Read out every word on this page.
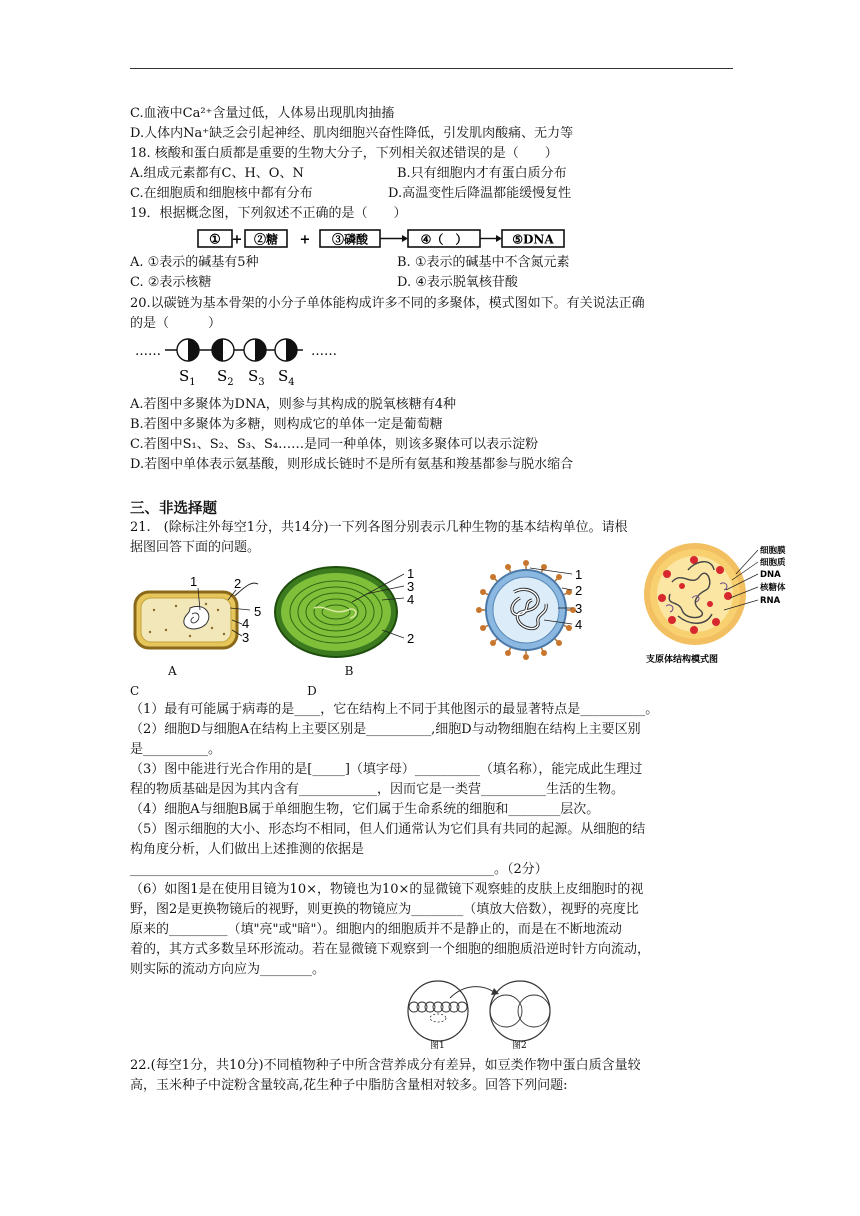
C.血液中Ca²⁺含量过低，人体易出现肌肉抽搐
D.人体内Na⁺缺乏会引起神经、肌肉细胞兴奋性降低，引发肌肉酸痛、无力等
18. 核酸和蛋白质都是重要的生物大分子，下列相关叙述错误的是（　　）
A.组成元素都有C、H、O、N	B.只有细胞内才有蛋白质分布
C.在细胞质和细胞核中都有分布	D.高温变性后降温都能缓慢复性
19．根据概念图，下列叙述不正确的是（　　）
① + ②糖 + ③磷酸	④（　）	⑤DNA
A. ①表示的碱基有5种	B. ①表示的碱基中不含氮元素
C. ②表示核糖	D. ④表示脱氧核苷酸
20.以碳链为基本骨架的小分子单体能构成许多不同的多聚体，模式图如下。有关说法正确
的是（　　　）
……	……
$S_1$ $S_2$ $S_3$ $S_4$
A.若图中多聚体为DNA，则参与其构成的脱氧核糖有4种
B.若图中多聚体为多糖，则构成它的单体一定是葡萄糖
C.若图中S₁、S₂、S₃、S₄……是同一种单体，则该多聚体可以表示淀粉
D.若图中单体表示氨基酸，则形成长链时不是所有氨基和羧基都参与脱水缩合
三、非选择题
21.　(除标注外每空1分，共14分)一下列各图分别表示几种生物的基本结构单位。请根
据图回答下面的问题。
1	2
5
4
3
1
3
4
2
1
2
3
4
细胞膜
细胞质
DNA
核糖体
RNA
支原体结构模式图
A　　　　　　　　　　　　　　B
C　　　　　　　　　　　　　　D
（1）最有可能属于病毒的是____，它在结构上不同于其他图示的最显著特点是__________。
（2）细胞D与细胞A在结构上主要区别是__________,细胞D与动物细胞在结构上主要区别
是__________。
（3）图中能进行光合作用的是[_____]（填字母）__________（填名称），能完成此生理过
程的物质基础是因为其内含有____________，因而它是一类营__________生活的生物。
（4）细胞A与细胞B属于单细胞生物，它们属于生命系统的细胞和________层次。
（5）图示细胞的大小、形态均不相同，但人们通常认为它们具有共同的起源。从细胞的结
构角度分析，人们做出上述推测的依据是
________________________________________________________。（2分）
（6）如图1是在使用目镜为10×，物镜也为10×的显微镜下观察蛙的皮肤上皮细胞时的视
野，图2是更换物镜后的视野，则更换的物镜应为________（填放大倍数），视野的亮度比
原来的_________（填"亮"或"暗"）。细胞内的细胞质并不是静止的，而是在不断地流动
着的，其方式多数呈环形流动。若在显微镜下观察到一个细胞的细胞质沿逆时针方向流动，
则实际的流动方向应为________。
图1	图2
22.(每空1分，共10分)不同植物种子中所含营养成分有差异，如豆类作物中蛋白质含量较
高，玉米种子中淀粉含量较高,花生种子中脂肪含量相对较多。回答下列问题:
